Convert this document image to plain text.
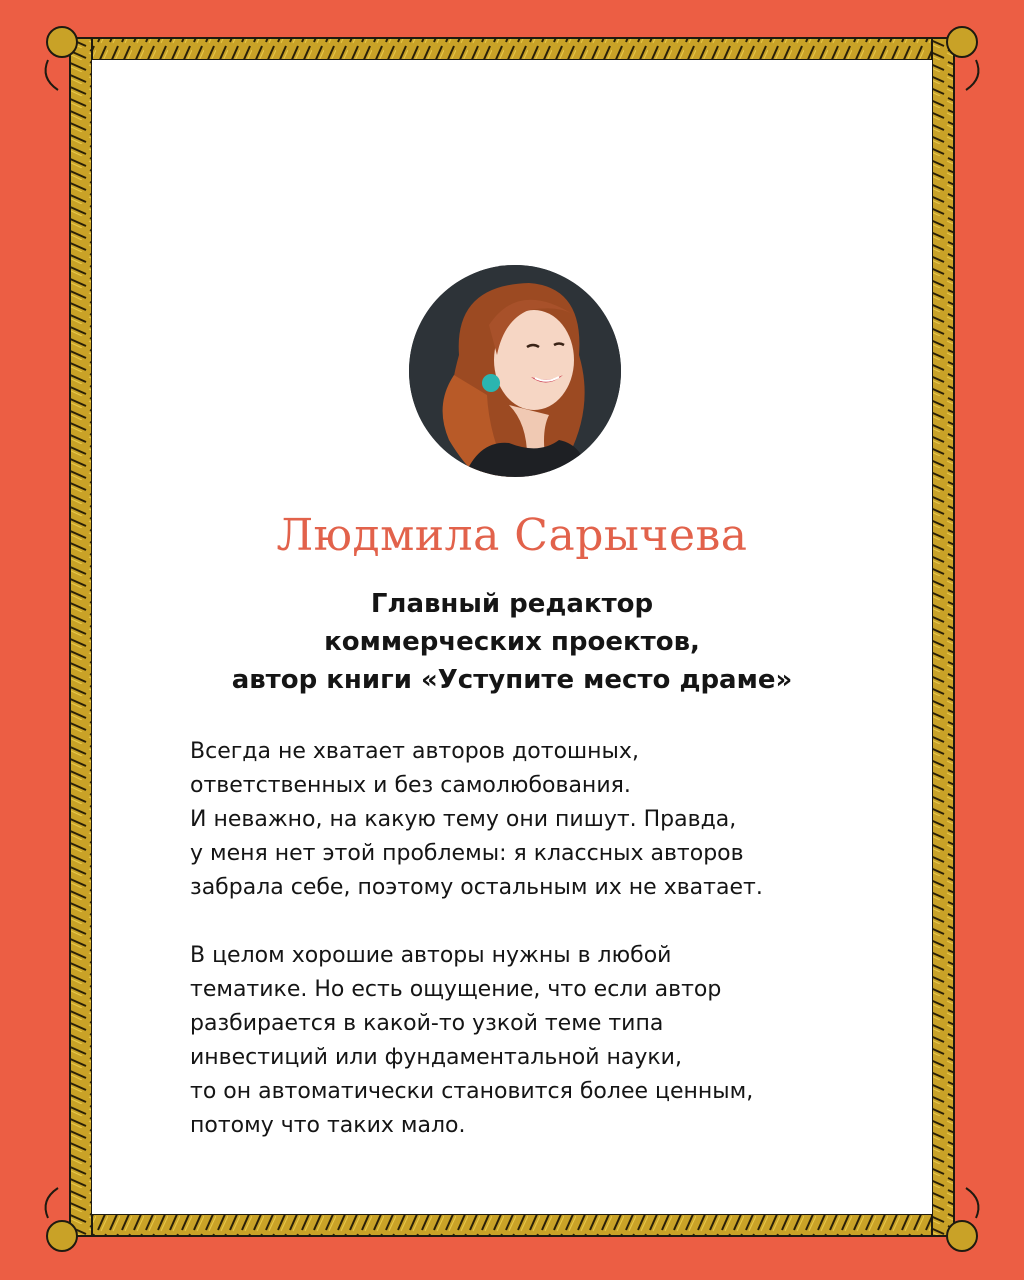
Людмила Сарычева
Главный редактор
коммерческих проектов,
автор книги «Уступите место драме»
Всегда не хватает авторов дотошных,
ответственных и без самолюбования.
И неважно, на какую тему они пишут. Правда,
у меня нет этой проблемы: я классных авторов
забрала себе, поэтому остальным их не хватает.
В целом хорошие авторы нужны в любой
тематике. Но есть ощущение, что если автор
разбирается в какой-то узкой теме типа
инвестиций или фундаментальной науки,
то он автоматически становится более ценным,
потому что таких мало.
